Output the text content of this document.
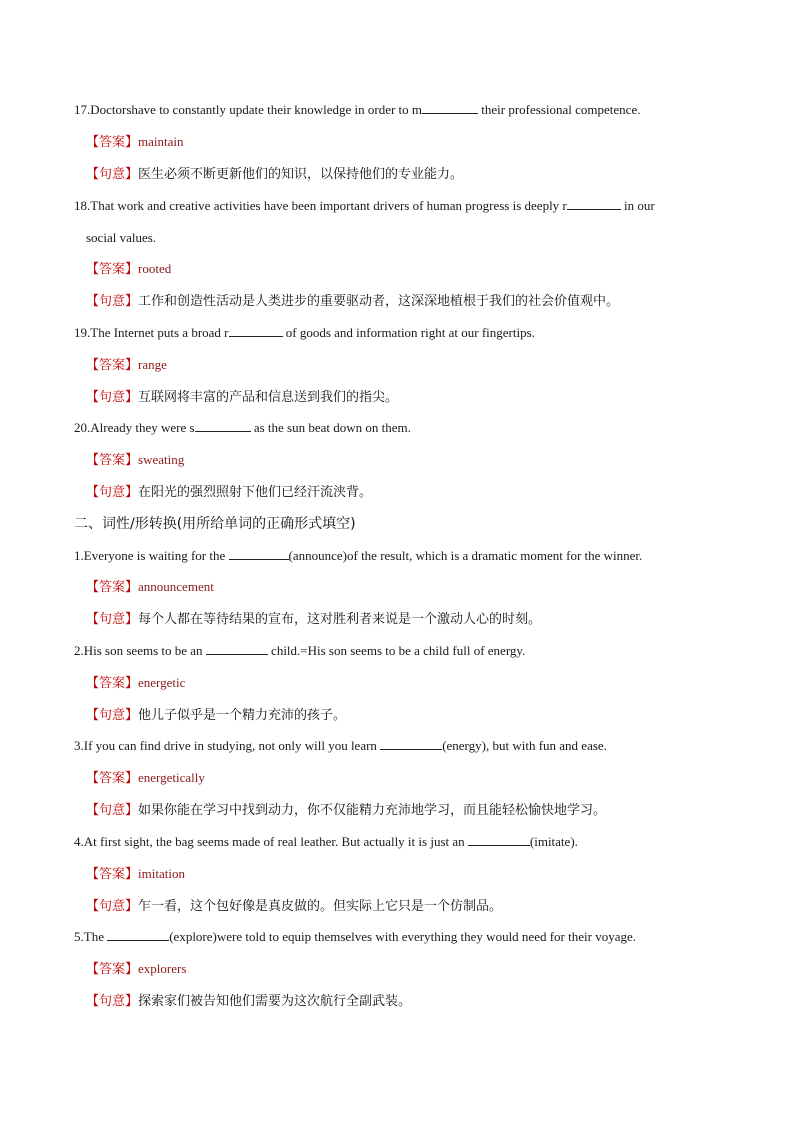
17.Doctorshave to constantly update their knowledge in order to m	their professional competence.
【答案】maintain
【句意】医生必须不断更新他们的知识，以保持他们的专业能力。
18.That work and creative activities have been important drivers of human progress is deeply r	in our
social values.
【答案】rooted
【句意】工作和创造性活动是人类进步的重要驱动者，这深深地植根于我们的社会价值观中。
19.The Internet puts a broad r	of goods and information right at our fingertips.
【答案】range
【句意】互联网将丰富的产品和信息送到我们的指尖。
20.Already they were s	as the sun beat down on them.
【答案】sweating
【句意】在阳光的强烈照射下他们已经汗流浃背。
二、词性/形转换(用所给单词的正确形式填空)
1.Everyone is waiting for the	(announce)of the result, which is a dramatic moment for the winner.
【答案】announcement
【句意】每个人都在等待结果的宣布，这对胜利者来说是一个激动人心的时刻。
2.His son seems to be an	child.=His son seems to be a child full of energy.
【答案】energetic
【句意】他儿子似乎是一个精力充沛的孩子。
3.If you can find drive in studying, not only will you learn	(energy), but with fun and ease.
【答案】energetically
【句意】如果你能在学习中找到动力，你不仅能精力充沛地学习，而且能轻松愉快地学习。
4.At first sight, the bag seems made of real leather. But actually it is just an	(imitate).
【答案】imitation
【句意】乍一看，这个包好像是真皮做的。但实际上它只是一个仿制品。
5.The	(explore)were told to equip themselves with everything they would need for their voyage.
【答案】explorers
【句意】探索家们被告知他们需要为这次航行全副武装。
